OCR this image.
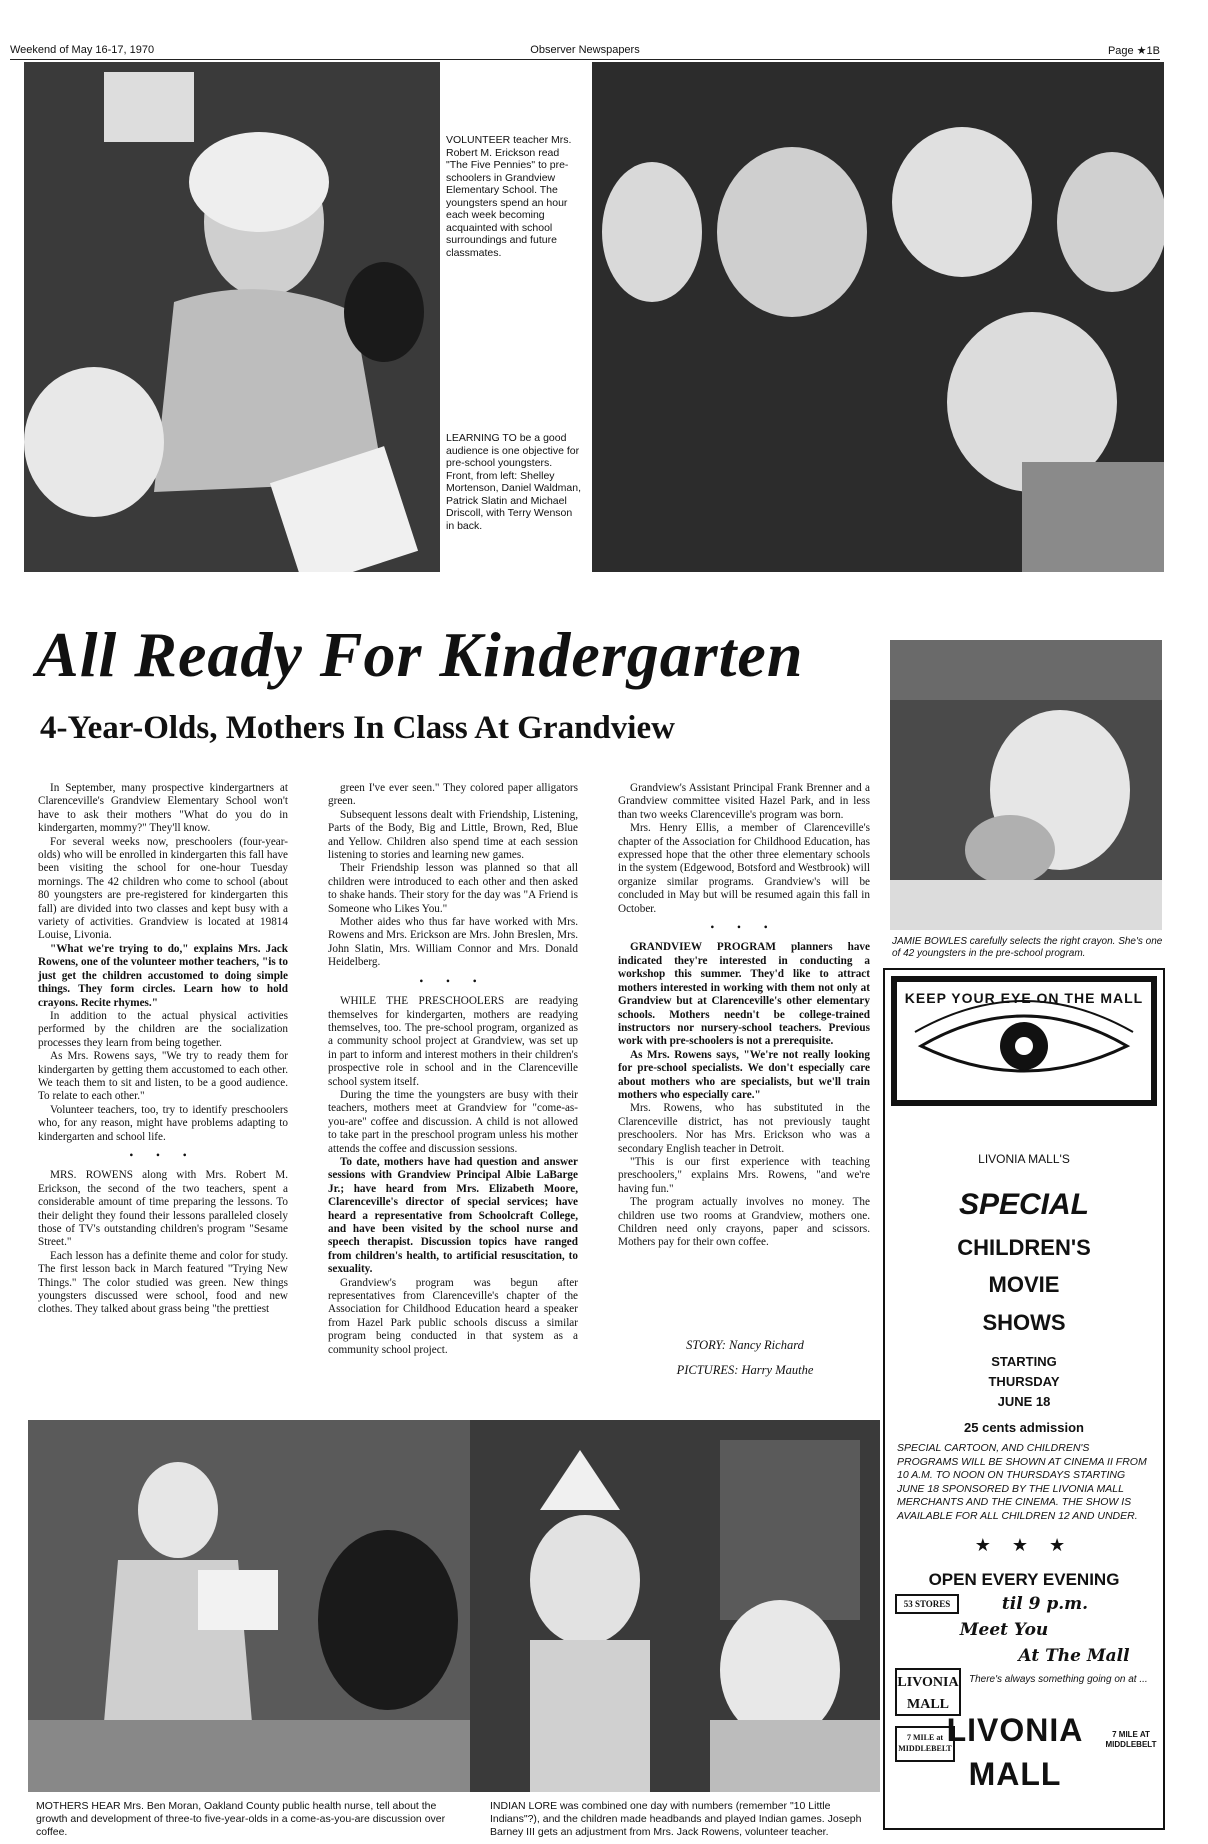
Weekend of May 16-17, 1970	Observer Newspapers	Page ★1B
VOLUNTEER teacher Mrs. Robert M. Erickson read "The Five Pennies" to pre-schoolers in Grandview Elementary School. The youngsters spend an hour each week becoming acquainted with school surroundings and future classmates.
LEARNING TO be a good audience is one objective for pre-school youngsters. Front, from left: Shelley Mortenson, Daniel Waldman, Patrick Slatin and Michael Driscoll, with Terry Wenson in back.
All Ready For Kindergarten
4-Year-Olds, Mothers In Class At Grandview
JAMIE BOWLES carefully selects the right crayon. She's one of 42 youngsters in the pre-school program.

In September, many prospective kindergartners at Clarenceville's Grandview Elementary School won't have to ask their mothers "What do you do in kindergarten, mommy?" They'll know.

For several weeks now, preschoolers (four-year-olds) who will be enrolled in kindergarten this fall have been visiting the school for one-hour Tuesday mornings. The 42 children who come to school (about 80 youngsters are pre-registered for kindergarten this fall) are divided into two classes and kept busy with a variety of activities. Grandview is located at 19814 Louise, Livonia.

"What we're trying to do," explains Mrs. Jack Rowens, one of the volunteer mother teachers, "is to just get the children accustomed to doing simple things. They form circles. Learn how to hold crayons. Recite rhymes."

In addition to the actual physical activities performed by the children are the socialization processes they learn from being together.

As Mrs. Rowens says, "We try to ready them for kindergarten by getting them accustomed to each other. We teach them to sit and listen, to be a good audience. To relate to each other."

Volunteer teachers, too, try to identify preschoolers who, for any reason, might have problems adapting to kindergarten and school life.

• • •

MRS. ROWENS along with Mrs. Robert M. Erickson, the second of the two teachers, spent a considerable amount of time preparing the lessons. To their delight they found their lessons paralleled closely those of TV's outstanding children's program "Sesame Street."

Each lesson has a definite theme and color for study. The first lesson back in March featured "Trying New Things." The color studied was green. New things youngsters discussed were school, food and new clothes. They talked about grass being "the prettiest

green I've ever seen." They colored paper alligators green.

Subsequent lessons dealt with Friendship, Listening, Parts of the Body, Big and Little, Brown, Red, Blue and Yellow. Children also spend time at each session listening to stories and learning new games.

Their Friendship lesson was planned so that all children were introduced to each other and then asked to shake hands. Their story for the day was "A Friend is Someone who Likes You."

Mother aides who thus far have worked with Mrs. Rowens and Mrs. Erickson are Mrs. John Breslen, Mrs. John Slatin, Mrs. William Connor and Mrs. Donald Heidelberg.

• • •

WHILE THE PRESCHOOLERS are readying themselves for kindergarten, mothers are readying themselves, too. The pre-school program, organized as a community school project at Grandview, was set up in part to inform and interest mothers in their children's prospective role in school and in the Clarenceville school system itself.

During the time the youngsters are busy with their teachers, mothers meet at Grandview for "come-as-you-are" coffee and discussion. A child is not allowed to take part in the preschool program unless his mother attends the coffee and discussion sessions.

To date, mothers have had question and answer sessions with Grandview Principal Albie LaBarge Jr.; have heard from Mrs. Elizabeth Moore, Clarenceville's director of special services; have heard a representative from Schoolcraft College, and have been visited by the school nurse and speech therapist. Discussion topics have ranged from children's health, to artificial resuscitation, to sexuality.

Grandview's program was begun after representatives from Clarenceville's chapter of the Association for Childhood Education heard a speaker from Hazel Park public schools discuss a similar program being conducted in that system as a community school project.

Grandview's Assistant Principal Frank Brenner and a Grandview committee visited Hazel Park, and in less than two weeks Clarenceville's program was born.

Mrs. Henry Ellis, a member of Clarenceville's chapter of the Association for Childhood Education, has expressed hope that the other three elementary schools in the system (Edgewood, Botsford and Westbrook) will organize similar programs. Grandview's will be concluded in May but will be resumed again this fall in October.

• • •

GRANDVIEW PROGRAM planners have indicated they're interested in conducting a workshop this summer. They'd like to attract mothers interested in working with them not only at Grandview but at Clarenceville's other elementary schools. Mothers needn't be college-trained instructors nor nursery-school teachers. Previous work with pre-schoolers is not a prerequisite.

As Mrs. Rowens says, "We're not really looking for pre-school specialists. We don't especially care about mothers who are specialists, but we'll train mothers who especially care."

Mrs. Rowens, who has substituted in the Clarenceville district, has not previously taught preschoolers. Nor has Mrs. Erickson who was a secondary English teacher in Detroit.

"This is our first experience with teaching preschoolers," explains Mrs. Rowens, "and we're having fun."

The program actually involves no money. The children use two rooms at Grandview, mothers one. Children need only crayons, paper and scissors. Mothers pay for their own coffee.

STORY: Nancy Richard
PICTURES: Harry Mauthe
MOTHERS HEAR Mrs. Ben Moran, Oakland County public health nurse, tell about the growth and development of three-to five-year-olds in a come-as-you-are discussion over coffee.
INDIAN LORE was combined one day with numbers (remember "10 Little Indians"?), and the children made headbands and played Indian games. Joseph Barney III gets an adjustment from Mrs. Jack Rowens, volunteer teacher.
KEEP YOUR EYE ON THE MALL
LIVONIA MALL'S
SPECIAL
CHILDREN'S
MOVIE
SHOWS
STARTING
THURSDAY
JUNE 18
25 cents admission
SPECIAL CARTOON, AND CHILDREN'S PROGRAMS WILL BE SHOWN AT CINEMA II FROM 10 A.M. TO NOON ON THURSDAYS STARTING JUNE 18 SPONSORED BY THE LIVONIA MALL MERCHANTS AND THE CINEMA. THE SHOW IS AVAILABLE FOR ALL CHILDREN 12 AND UNDER.
★ ★ ★
OPEN EVERY EVENING
53 STORES	til 9 p.m.
Meet You
At The Mall
LIVONIA MALL
There's always something going on at ...
7 MILE at MIDDLEBELT
LIVONIA
MALL
7 MILE AT MIDDLEBELT
